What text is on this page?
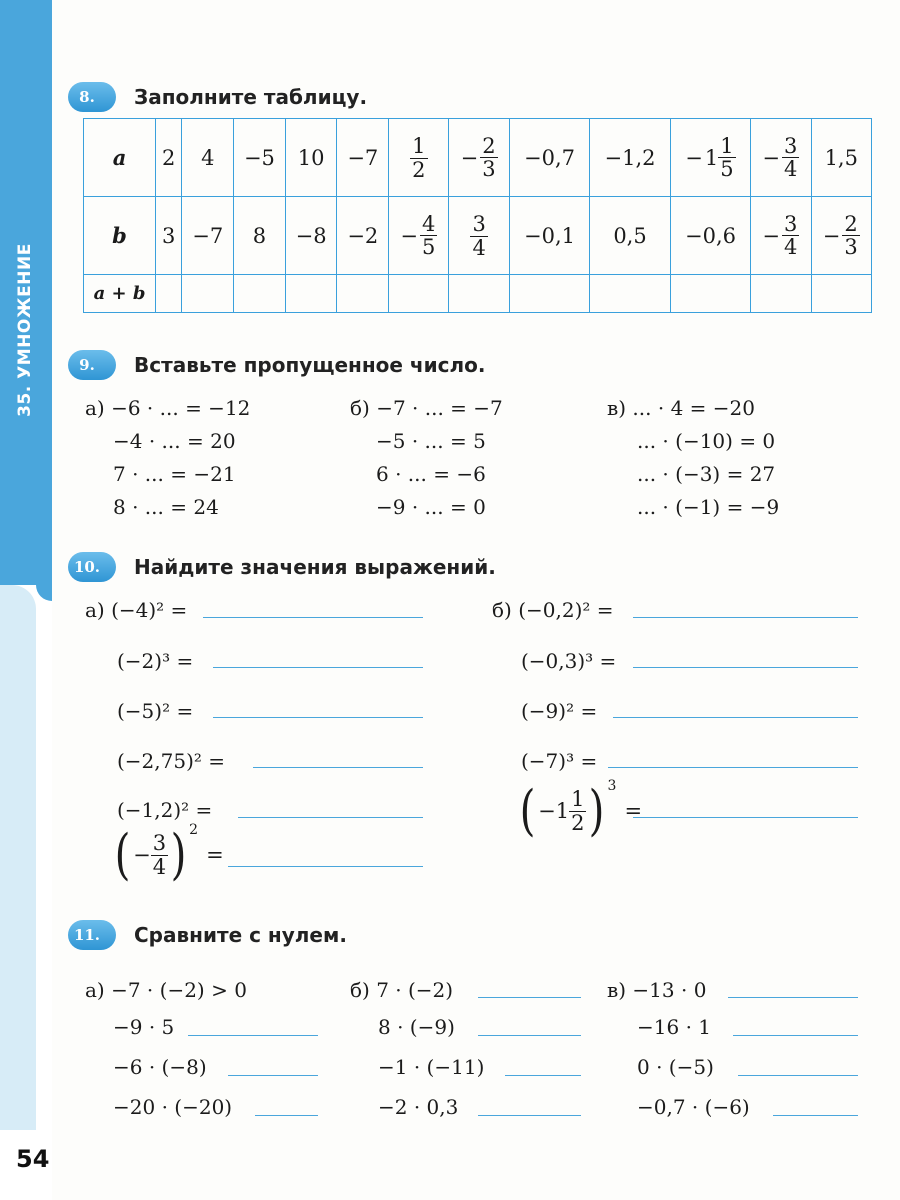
35. УМНОЖЕНИЕ
54
8.	Заполните таблицу.
a	2	4	−5	10	−7	$\frac{1}{2}$	− $\frac{2}{3}$	−0,7	−1,2	− $1 \frac{1}{5}$	− $\frac{3}{4}$	1,5
b	3	−7	8	−8	−2	− $\frac{4}{5}$	$\frac{3}{4}$	−0,1	0,5	−0,6	− $\frac{3}{4}$	− $\frac{2}{3}$

a + b												
9.	Вставьте пропущенное число.
а) −6 · ... = −12
−4 · ... = 20
7 · ... = −21
8 · ... = 24
б) −7 · ... = −7
−5 · ... = 5
6 · ... = −6
−9 · ... = 0
в) ... · 4 = −20
... · (−10) = 0
... · (−3) = 27
... · (−1) = −9
10.	Найдите значения выражений.
а) (−4)² =
(−2)³ =
(−5)² =
(−2,75)² =
(−1,2)² =
( − $\frac{3}{4}$ ) 2
=
б) (−0,2)² =
(−0,3)³ =
(−9)² =
(−7)³ =
( − $1 \frac{1}{2}$ ) 3
=
11.	Сравните с нулем.
а) −7 · (−2) > 0
−9 · 5
−6 · (−8)
−20 · (−20)
б) 7 · (−2)
8 · (−9)
−1 · (−11)
−2 · 0,3
в) −13 · 0
−16 · 1
0 · (−5)
−0,7 · (−6)
